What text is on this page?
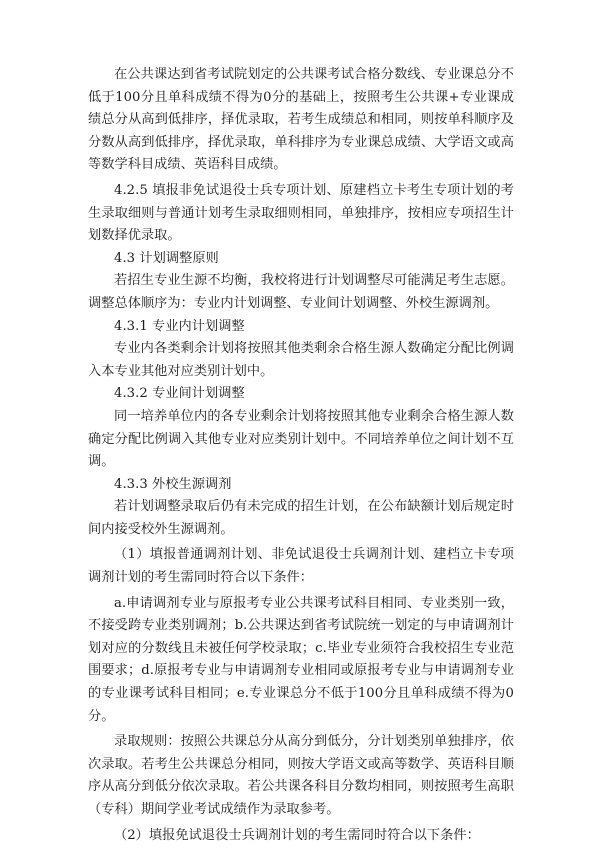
在公共课达到省考试院划定的公共课考试合格分数线、专业课总分不低于100分且单科成绩不得为0分的基础上，按照考生公共课+专业课成绩总分从高到低排序，择优录取，若考生成绩总和相同，则按单科顺序及分数从高到低排序，择优录取，单科排序为专业课总成绩、大学语文或高等数学科目成绩、英语科目成绩。

4.2.5 填报非免试退役士兵专项计划、原建档立卡考生专项计划的考生录取细则与普通计划考生录取细则相同，单独排序，按相应专项招生计划数择优录取。

4.3 计划调整原则

若招生专业生源不均衡，我校将进行计划调整尽可能满足考生志愿。调整总体顺序为：专业内计划调整、专业间计划调整、外校生源调剂。

4.3.1 专业内计划调整

专业内各类剩余计划将按照其他类剩余合格生源人数确定分配比例调入本专业其他对应类别计划中。

4.3.2 专业间计划调整

同一培养单位内的各专业剩余计划将按照其他专业剩余合格生源人数确定分配比例调入其他专业对应类别计划中。不同培养单位之间计划不互调。

4.3.3 外校生源调剂

若计划调整录取后仍有未完成的招生计划，在公布缺额计划后规定时间内接受校外生源调剂。

（1）填报普通调剂计划、非免试退役士兵调剂计划、建档立卡专项调剂计划的考生需同时符合以下条件：

a.申请调剂专业与原报考专业公共课考试科目相同、专业类别一致，不接受跨专业类别调剂；b.公共课达到省考试院统一划定的与申请调剂计划对应的分数线且未被任何学校录取；c.毕业专业须符合我校招生专业范围要求；d.原报考专业与申请调剂专业相同或原报考专业与申请调剂专业的专业课考试科目相同；e.专业课总分不低于100分且单科成绩不得为0分。

录取规则：按照公共课总分从高分到低分，分计划类别单独排序，依次录取。若考生公共课总分相同，则按大学语文或高等数学、英语科目顺序从高分到低分依次录取。若公共课各科目分数均相同，则按照考生高职（专科）期间学业考试成绩作为录取参考。

（2）填报免试退役士兵调剂计划的考生需同时符合以下条件：
